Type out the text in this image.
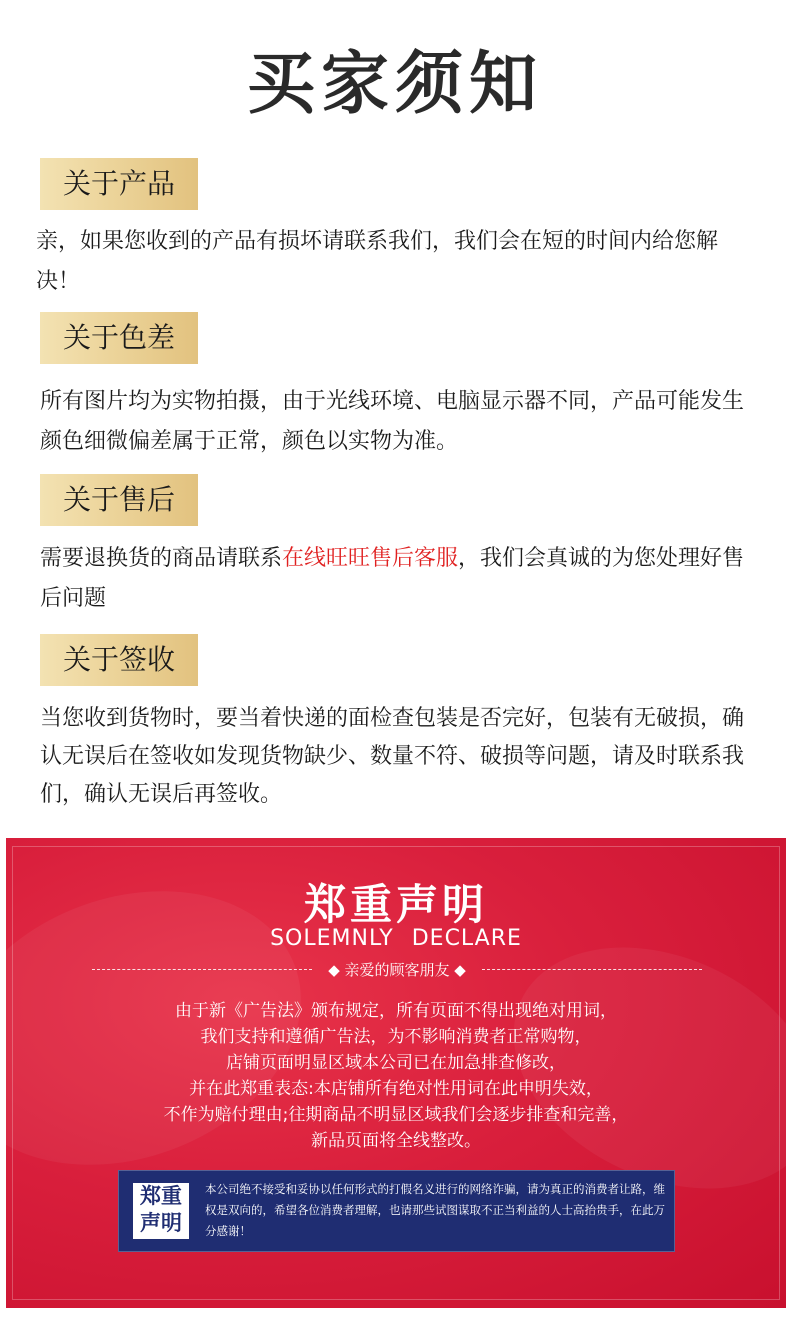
买家须知
关于产品
亲，如果您收到的产品有损坏请联系我们，我们会在短的时间内给您解决！
关于色差
所有图片均为实物拍摄，由于光线环境、电脑显示器不同，产品可能发生颜色细微偏差属于正常，颜色以实物为准。
关于售后
需要退换货的商品请联系在线旺旺售后客服，我们会真诚的为您处理好售后问题
关于签收
当您收到货物时，要当着快递的面检查包装是否完好，包装有无破损，确认无误后在签收如发现货物缺少、数量不符、破损等问题，请及时联系我们，确认无误后再签收。
郑重声明
SOLEMNLY DECLARE
◆ 亲爱的顾客朋友 ◆
由于新《广告法》颁布规定，所有页面不得出现绝对用词，
我们支持和遵循广告法，为不影响消费者正常购物，
店铺页面明显区域本公司已在加急排查修改，
并在此郑重表态:本店铺所有绝对性用词在此申明失效，
不作为赔付理由;往期商品不明显区域我们会逐步排查和完善，
新品页面将全线整改。
郑重
声明
本公司绝不接受和妥协以任何形式的打假名义进行的网络诈骗，请为真正的消费者让路，维权是双向的，希望各位消费者理解，也请那些试图谋取不正当利益的人士高抬贵手，在此万分感谢！
